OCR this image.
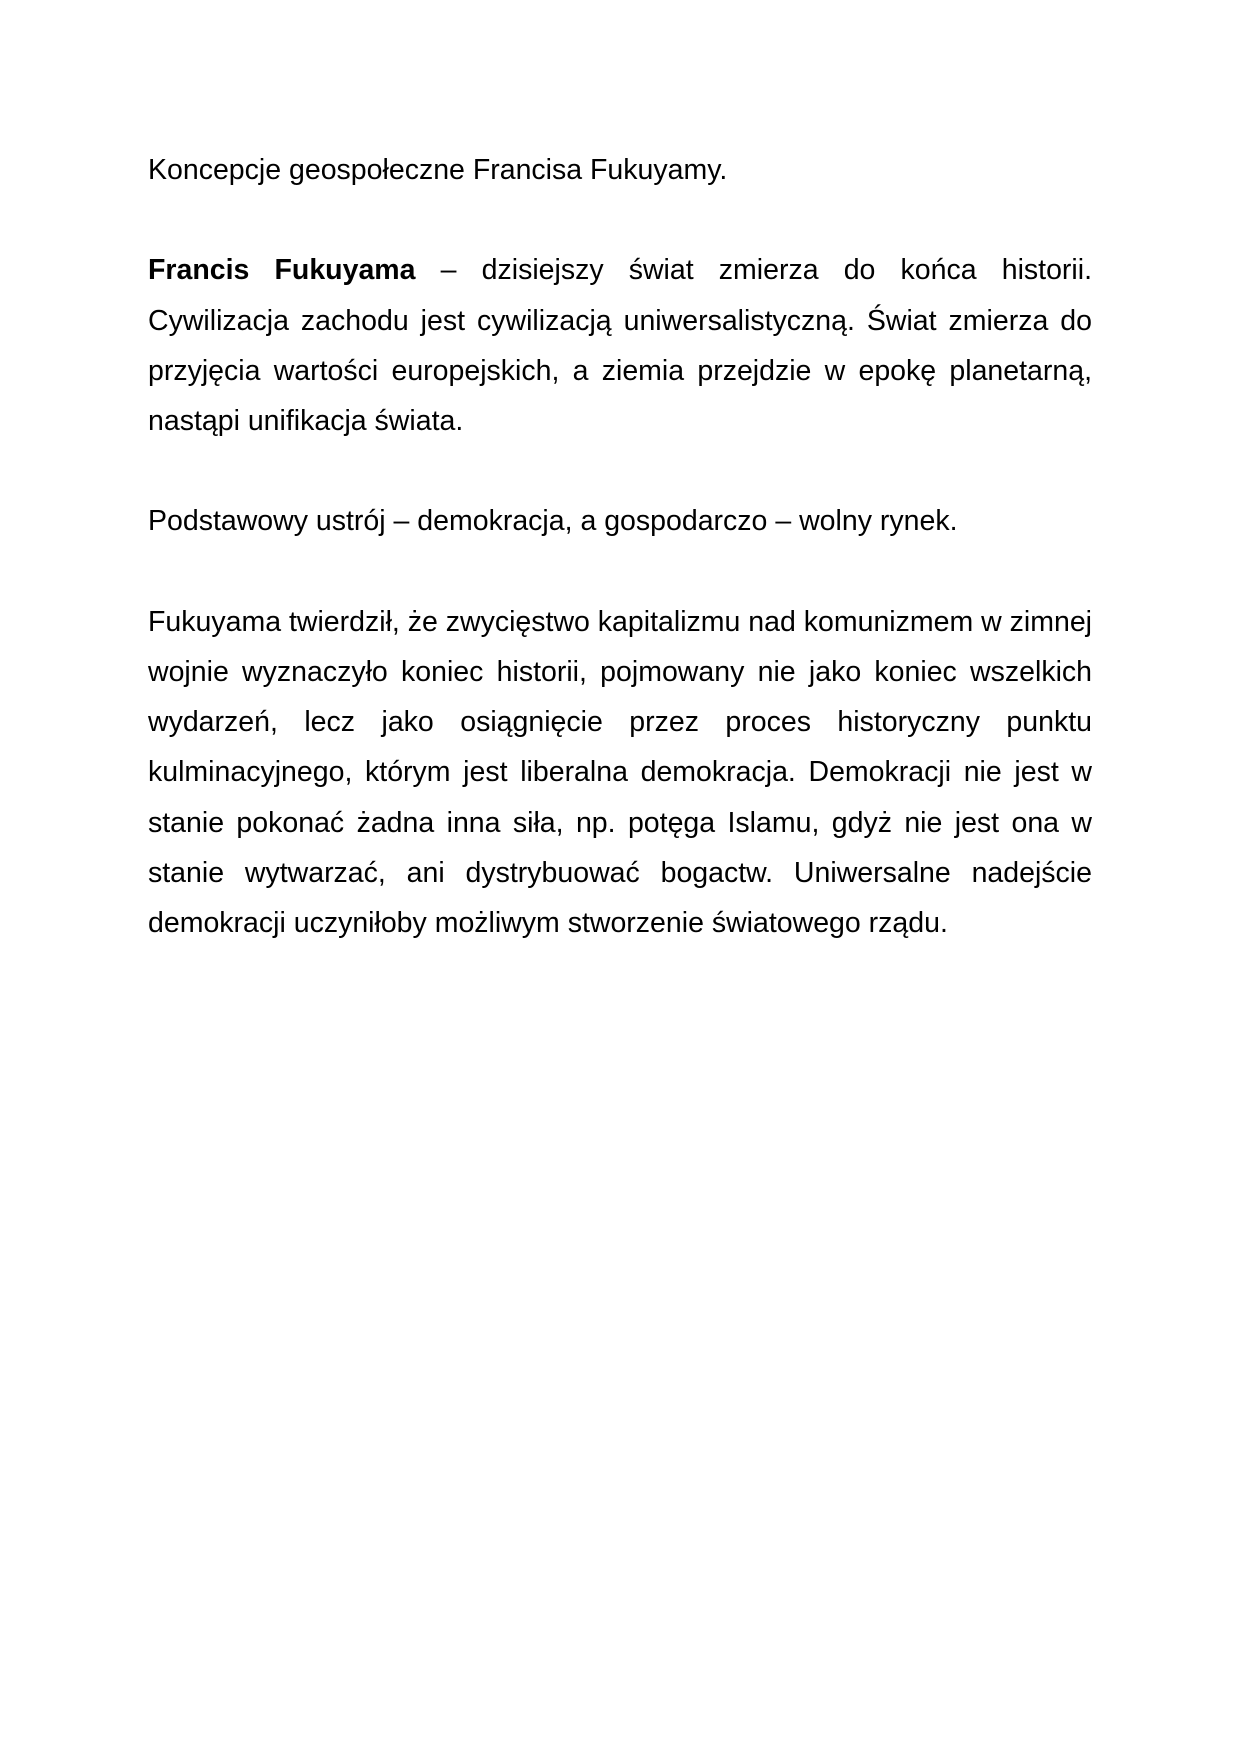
Koncepcje geospołeczne Francisa Fukuyamy.

Francis Fukuyama – dzisiejszy świat zmierza do końca historii. Cywilizacja zachodu jest cywilizacją uniwersalistyczną. Świat zmierza do przyjęcia wartości europejskich, a ziemia przejdzie w epokę planetarną, nastąpi unifikacja świata.

Podstawowy ustrój – demokracja, a gospodarczo – wolny rynek.

Fukuyama twierdził, że zwycięstwo kapitalizmu nad komunizmem w zimnej wojnie wyznaczyło koniec historii, pojmowany nie jako koniec wszelkich wydarzeń, lecz jako osiągnięcie przez proces historyczny punktu kulminacyjnego, którym jest liberalna demokracja. Demokracji nie jest w stanie pokonać żadna inna siła, np. potęga Islamu, gdyż nie jest ona w stanie wytwarzać, ani dystrybuować bogactw. Uniwersalne nadejście demokracji uczyniłoby możliwym stworzenie światowego rządu.
